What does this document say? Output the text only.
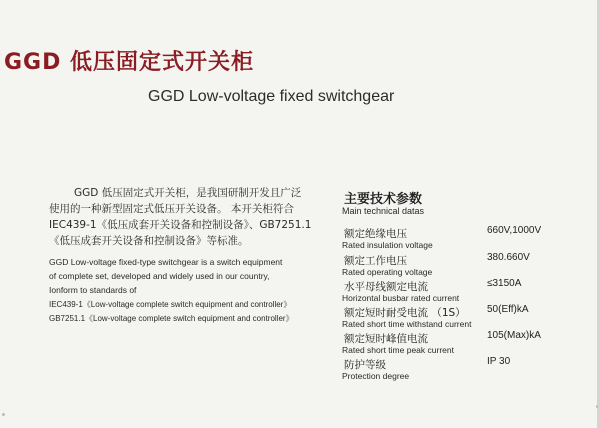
GGD 低压固定式开关柜
GGD Low-voltage fixed switchgear
GGD 低压固定式开关柜，是我国研制开发且广泛
使用的一种新型固定式低压开关设备。 本开关柜符合
IEC439-1《低压成套开关设备和控制设备》、GB7251.1
《低压成套开关设备和控制设备》等标准。
GGD Low-voltage fixed-type switchgear is a switch equipment
of complete set, developed and widely used in our country,
Ionform to standards of
IEC439-1《Low-voltage complete switch equipment and controller》
GB7251.1《Low-voltage complete switch equipment and controller》
主要技术参数
Main technical datas
额定绝缘电压	660V,1000V
Rated insulation voltage
额定工作电压	380.660V
Rated operating voltage
水平母线额定电流	≤3150A
Horizontal busbar rated current
额定短时耐受电流 （1S） 50(Eff)kA
Rated short time withstand current
额定短时峰值电流	105(Max)kA
Rated short time peak current
防护等级	IP 30
Protection degree
